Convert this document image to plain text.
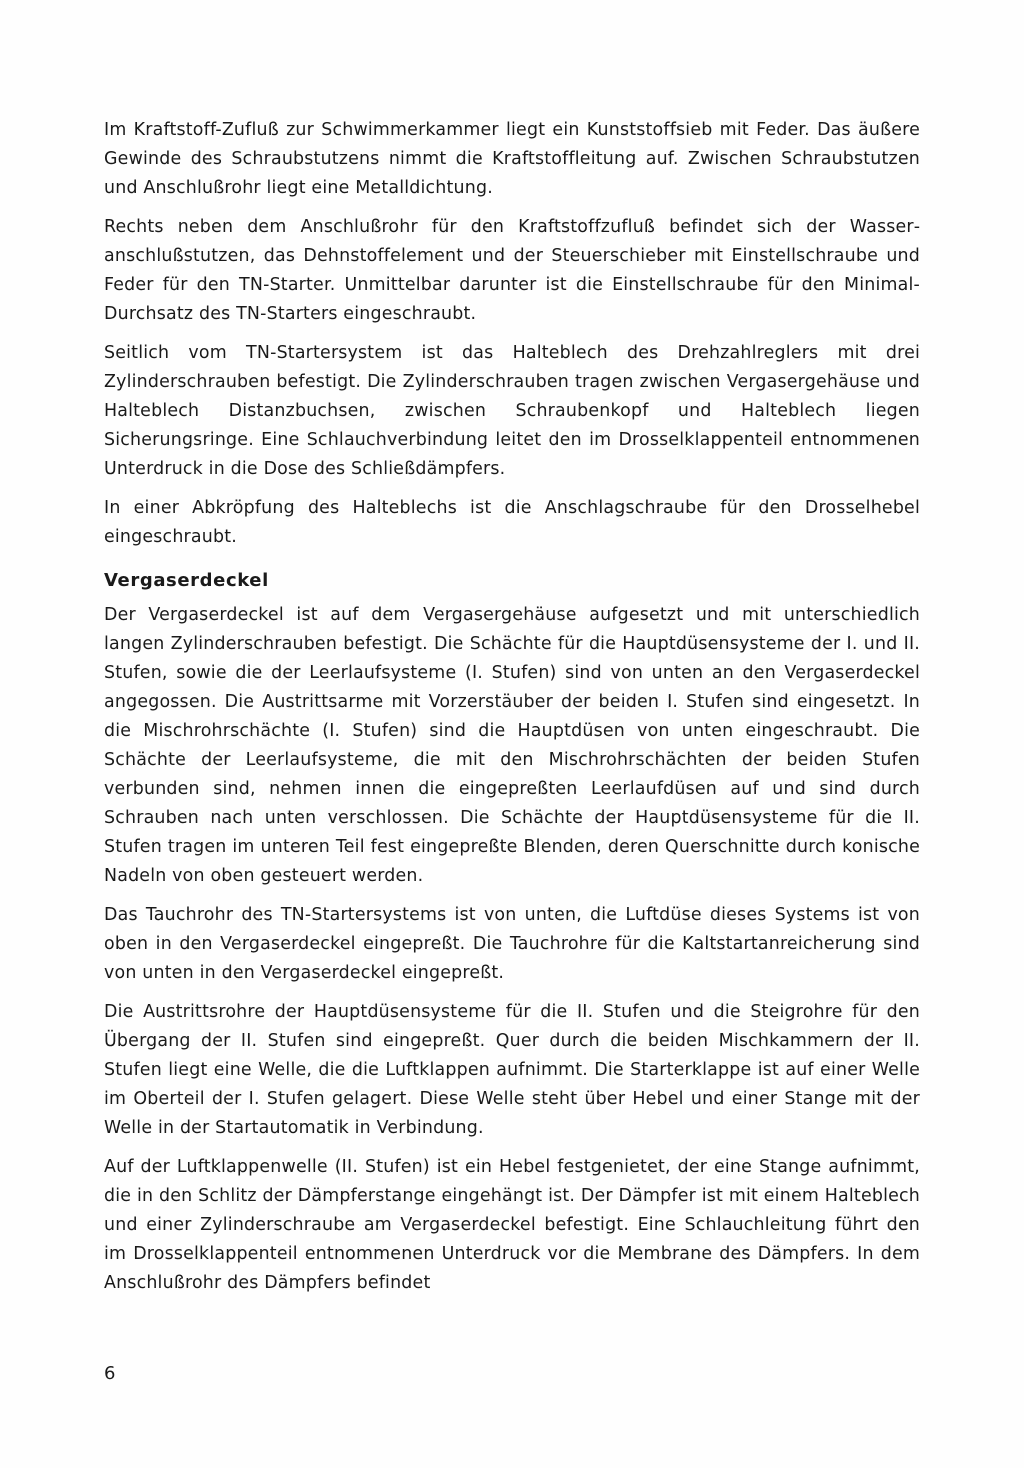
Im Kraftstoff-Zufluß zur Schwimmerkammer liegt ein Kunststoffsieb mit Feder. Das äußere Gewinde des Schraubstutzens nimmt die Kraftstoffleitung auf. Zwischen Schraubstutzen und Anschlußrohr liegt eine Metalldichtung.

Rechts neben dem Anschlußrohr für den Kraftstoffzufluß befindet sich der Wasseranschlußstutzen, das Dehnstoffelement und der Steuerschieber mit Einstellschraube und Feder für den TN-Starter. Unmittelbar darunter ist die Einstellschraube für den Minimal-Durchsatz des TN-Starters eingeschraubt.

Seitlich vom TN-Startersystem ist das Halteblech des Drehzahlreglers mit drei Zylinderschrauben befestigt. Die Zylinderschrauben tragen zwischen Vergasergehäuse und Halteblech Distanzbuchsen, zwischen Schraubenkopf und Halteblech liegen Sicherungsringe. Eine Schlauchverbindung leitet den im Drosselklappenteil entnommenen Unterdruck in die Dose des Schließdämpfers.

In einer Abkröpfung des Halteblechs ist die Anschlagschraube für den Drosselhebel eingeschraubt.

Vergaserdeckel

Der Vergaserdeckel ist auf dem Vergasergehäuse aufgesetzt und mit unterschiedlich langen Zylinderschrauben befestigt. Die Schächte für die Hauptdüsensysteme der I. und II. Stufen, sowie die der Leerlaufsysteme (I. Stufen) sind von unten an den Vergaserdeckel angegossen. Die Austrittsarme mit Vorzerstäuber der beiden I. Stufen sind eingesetzt. In die Mischrohrschächte (I. Stufen) sind die Hauptdüsen von unten eingeschraubt. Die Schächte der Leerlaufsysteme, die mit den Mischrohrschächten der beiden Stufen verbunden sind, nehmen innen die eingepreßten Leerlaufdüsen auf und sind durch Schrauben nach unten verschlossen. Die Schächte der Hauptdüsensysteme für die II. Stufen tragen im unteren Teil fest eingepreßte Blenden, deren Querschnitte durch konische Nadeln von oben gesteuert werden.

Das Tauchrohr des TN-Startersystems ist von unten, die Luftdüse dieses Systems ist von oben in den Vergaserdeckel eingepreßt. Die Tauchrohre für die Kaltstartanreicherung sind von unten in den Vergaserdeckel eingepreßt.

Die Austrittsrohre der Hauptdüsensysteme für die II. Stufen und die Steigrohre für den Übergang der II. Stufen sind eingepreßt. Quer durch die beiden Mischkammern der II. Stufen liegt eine Welle, die die Luftklappen aufnimmt. Die Starterklappe ist auf einer Welle im Oberteil der I. Stufen gelagert. Diese Welle steht über Hebel und einer Stange mit der Welle in der Startautomatik in Verbindung.

Auf der Luftklappenwelle (II. Stufen) ist ein Hebel festgenietet, der eine Stange aufnimmt, die in den Schlitz der Dämpferstange eingehängt ist. Der Dämpfer ist mit einem Halteblech und einer Zylinderschraube am Vergaserdeckel befestigt. Eine Schlauchleitung führt den im Drosselklappenteil entnommenen Unterdruck vor die Membrane des Dämpfers. In dem Anschlußrohr des Dämpfers befindet

6
